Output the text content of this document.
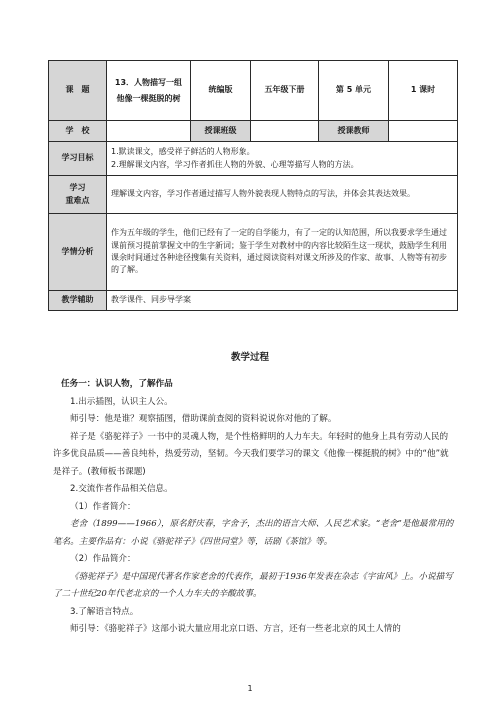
课　题	13．人物描写一组
他像一棵挺脱的树	统编版	五年级下册	第 5 单元	1 课时
学　校		授课班级		授课教师	
学习目标	1.默读课文，感受祥子鲜活的人物形象。

2.理解课文内容，学习作者抓住人物的外貌、心理等描写人物的方法。				

学习
重难点	理解课文内容，学习作者通过描写人物外貌表现人物特点的写法，并体会其表达效果。				
学情分析	作为五年级的学生，他们已经有了一定的自学能力，有了一定的认知范围，所以我要求学生通过课前预习提前掌握文中的生字新词；鉴于学生对教材中的内容比较陌生这一现状，鼓励学生利用课余时间通过各种途径搜集有关资料，通过阅读资料对课文所涉及的作家、故事、人物等有初步的了解。				
教学辅助	教学课件、同步导学案				
教学过程

任务一：认识人物，了解作品

1.出示插图，认识主人公。

师引导：他是谁？观察插图，借助课前查阅的资料说说你对他的了解。

祥子是《骆驼祥子》一书中的灵魂人物，是个性格鲜明的人力车夫。年轻时的他身上具有劳动人民的许多优良品质——善良纯朴，热爱劳动，坚韧。今天我们要学习的课文《他像一棵挺脱的树》中的“他”就是祥子。(教师板书课题)

2.交流作者作品相关信息。

（1）作者简介：

老舍（1899——1966），原名舒庆春，字舍予，杰出的语言大师、人民艺术家。“老舍”是他最常用的笔名。主要作品有：小说《骆驼祥子》《四世同堂》等，话剧《茶馆》等。

（2）作品简介：

《骆驼祥子》是中国现代著名作家老舍的代表作，最初于1936年发表在杂志《宇宙风》上。小说描写了二十世纪20年代老北京的一个人力车夫的辛酸故事。

3.了解语言特点。

师引导：《骆驼祥子》这部小说大量应用北京口语、方言，还有一些老北京的风土人情的

1
